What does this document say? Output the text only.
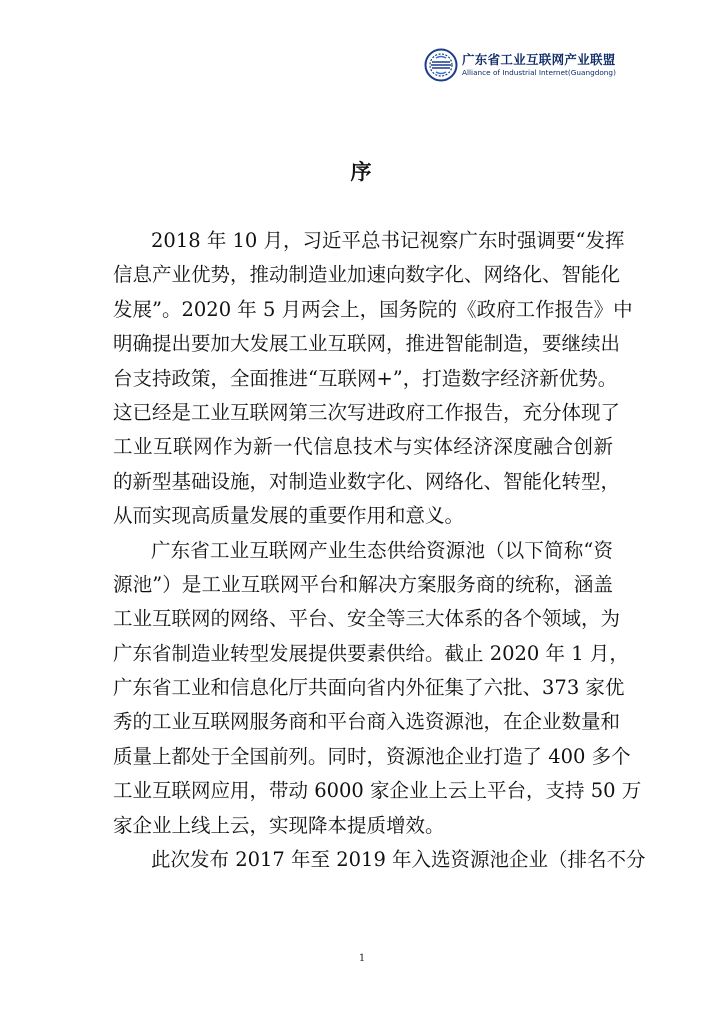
广东省工业互联网产业联盟
Alliance of Industrial Internet(Guangdong)
序
2018 年 10 月，习近平总书记视察广东时强调要“发挥
信息产业优势，推动制造业加速向数字化、网络化、智能化
发展”。2020 年 5 月两会上，国务院的《政府工作报告》中
明确提出要加大发展工业互联网，推进智能制造，要继续出
台支持政策，全面推进“互联网+”，打造数字经济新优势。
这已经是工业互联网第三次写进政府工作报告，充分体现了
工业互联网作为新一代信息技术与实体经济深度融合创新
的新型基础设施，对制造业数字化、网络化、智能化转型，
从而实现高质量发展的重要作用和意义。
广东省工业互联网产业生态供给资源池（以下简称“资
源池”）是工业互联网平台和解决方案服务商的统称，涵盖
工业互联网的网络、平台、安全等三大体系的各个领域，为
广东省制造业转型发展提供要素供给。截止 2020 年 1 月，
广东省工业和信息化厅共面向省内外征集了六批、373 家优
秀的工业互联网服务商和平台商入选资源池，在企业数量和
质量上都处于全国前列。同时，资源池企业打造了 400 多个
工业互联网应用，带动 6000 家企业上云上平台，支持 50 万
家企业上线上云，实现降本提质增效。
此次发布 2017 年至 2019 年入选资源池企业（排名不分
1
